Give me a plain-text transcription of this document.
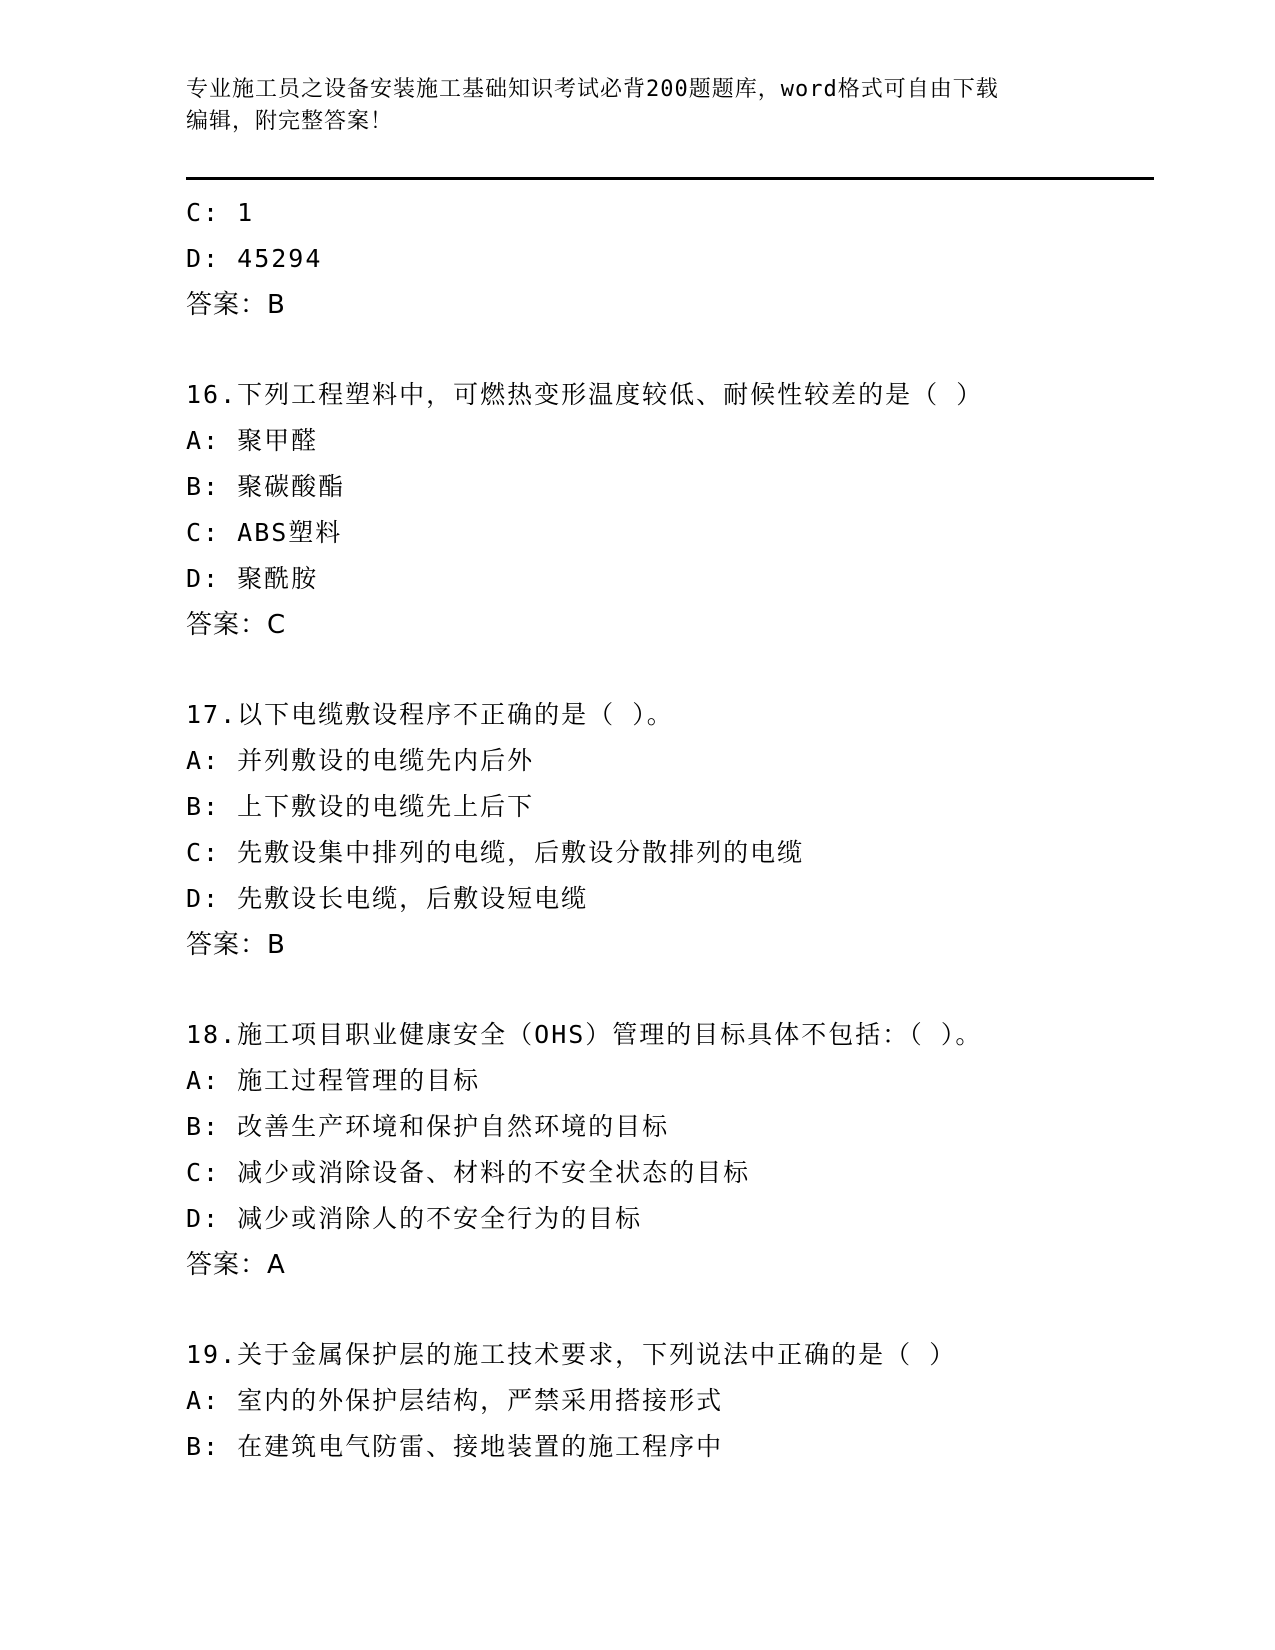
专业施工员之设备安装施工基础知识考试必背200题题库，word格式可自由下载
编辑，附完整答案！
C: 1
D: 45294
答案：B
16.下列工程塑料中，可燃热变形温度较低、耐候性较差的是（ ）
A: 聚甲醛
B: 聚碳酸酯
C: ABS塑料
D: 聚酰胺
答案：C
17.以下电缆敷设程序不正确的是（ ）。
A: 并列敷设的电缆先内后外
B: 上下敷设的电缆先上后下
C: 先敷设集中排列的电缆，后敷设分散排列的电缆
D: 先敷设长电缆，后敷设短电缆
答案：B
18.施工项目职业健康安全（OHS）管理的目标具体不包括：（ ）。
A: 施工过程管理的目标
B: 改善生产环境和保护自然环境的目标
C: 减少或消除设备、材料的不安全状态的目标
D: 减少或消除人的不安全行为的目标
答案：A
19.关于金属保护层的施工技术要求，下列说法中正确的是（ ）
A: 室内的外保护层结构，严禁采用搭接形式
B: 在建筑电气防雷、接地装置的施工程序中
